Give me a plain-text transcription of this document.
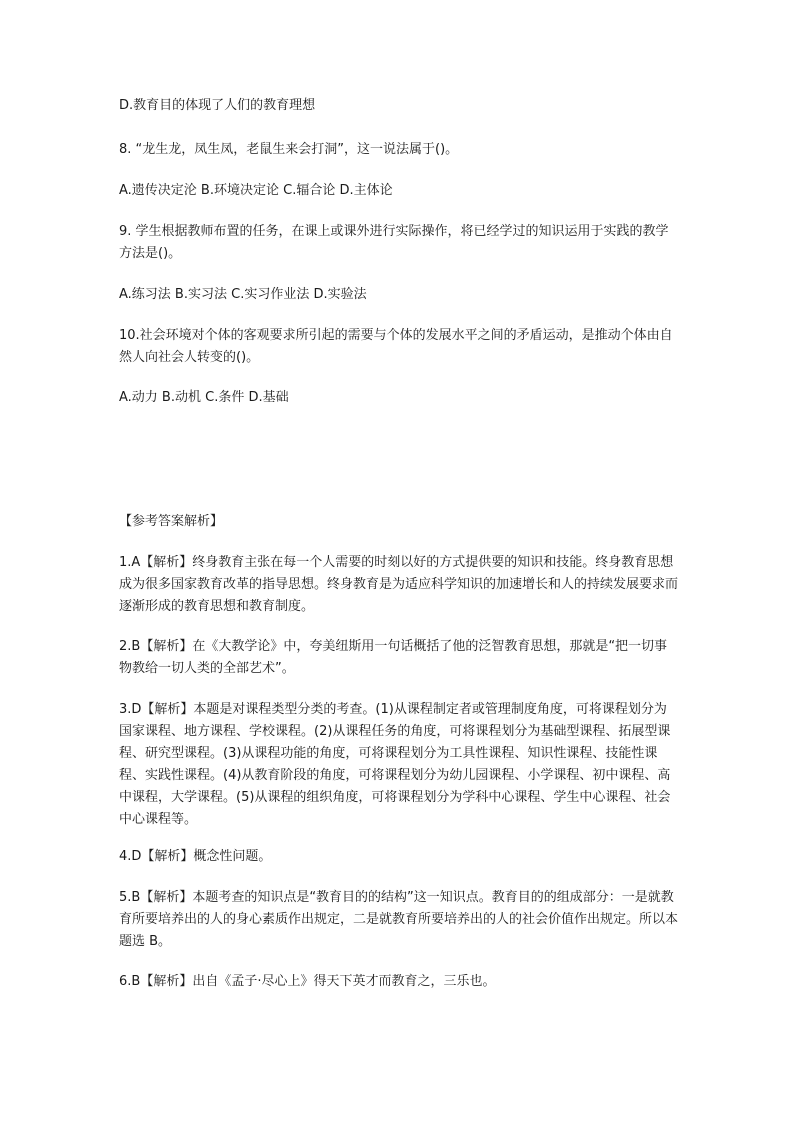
D.教育目的体现了人们的教育理想

8. “龙生龙，凤生凤，老鼠生来会打洞”，这一说法属于()。

A.遗传决定沦 B.环境决定论 C.辐合论 D.主体论

9. 学生根据教师布置的任务，在课上或课外进行实际操作，将已经学过的知识运用于实践的教学方法是()。

A.练习法 B.实习法 C.实习作业法 D.实验法

10.社会环境对个体的客观要求所引起的需要与个体的发展水平之间的矛盾运动，是推动个体由自然人向社会人转变的()。

A.动力 B.动机 C.条件 D.基础

【参考答案解析】

1.A【解析】终身教育主张在每一个人需要的时刻以好的方式提供要的知识和技能。终身教育思想成为很多国家教育改革的指导思想。终身教育是为适应科学知识的加速增长和人的持续发展要求而逐渐形成的教育思想和教育制度。

2.B【解析】在《大教学论》中，夸美纽斯用一句话概括了他的泛智教育思想，那就是“把一切事物教给一切人类的全部艺术”。

3.D【解析】本题是对课程类型分类的考查。(1)从课程制定者或管理制度角度，可将课程划分为国家课程、地方课程、学校课程。(2)从课程任务的角度，可将课程划分为基础型课程、拓展型课程、研究型课程。(3)从课程功能的角度，可将课程划分为工具性课程、知识性课程、技能性课程、实践性课程。(4)从教育阶段的角度，可将课程划分为幼儿园课程、小学课程、初中课程、高中课程，大学课程。(5)从课程的组织角度，可将课程划分为学科中心课程、学生中心课程、社会中心课程等。

4.D【解析】概念性问题。

5.B【解析】本题考查的知识点是“教育目的的结构”这一知识点。教育目的的组成部分：一是就教育所要培养出的人的身心素质作出规定，二是就教育所要培养出的人的社会价值作出规定。所以本题选 B。

6.B【解析】出自《孟子·尽心上》得天下英才而教育之，三乐也。
